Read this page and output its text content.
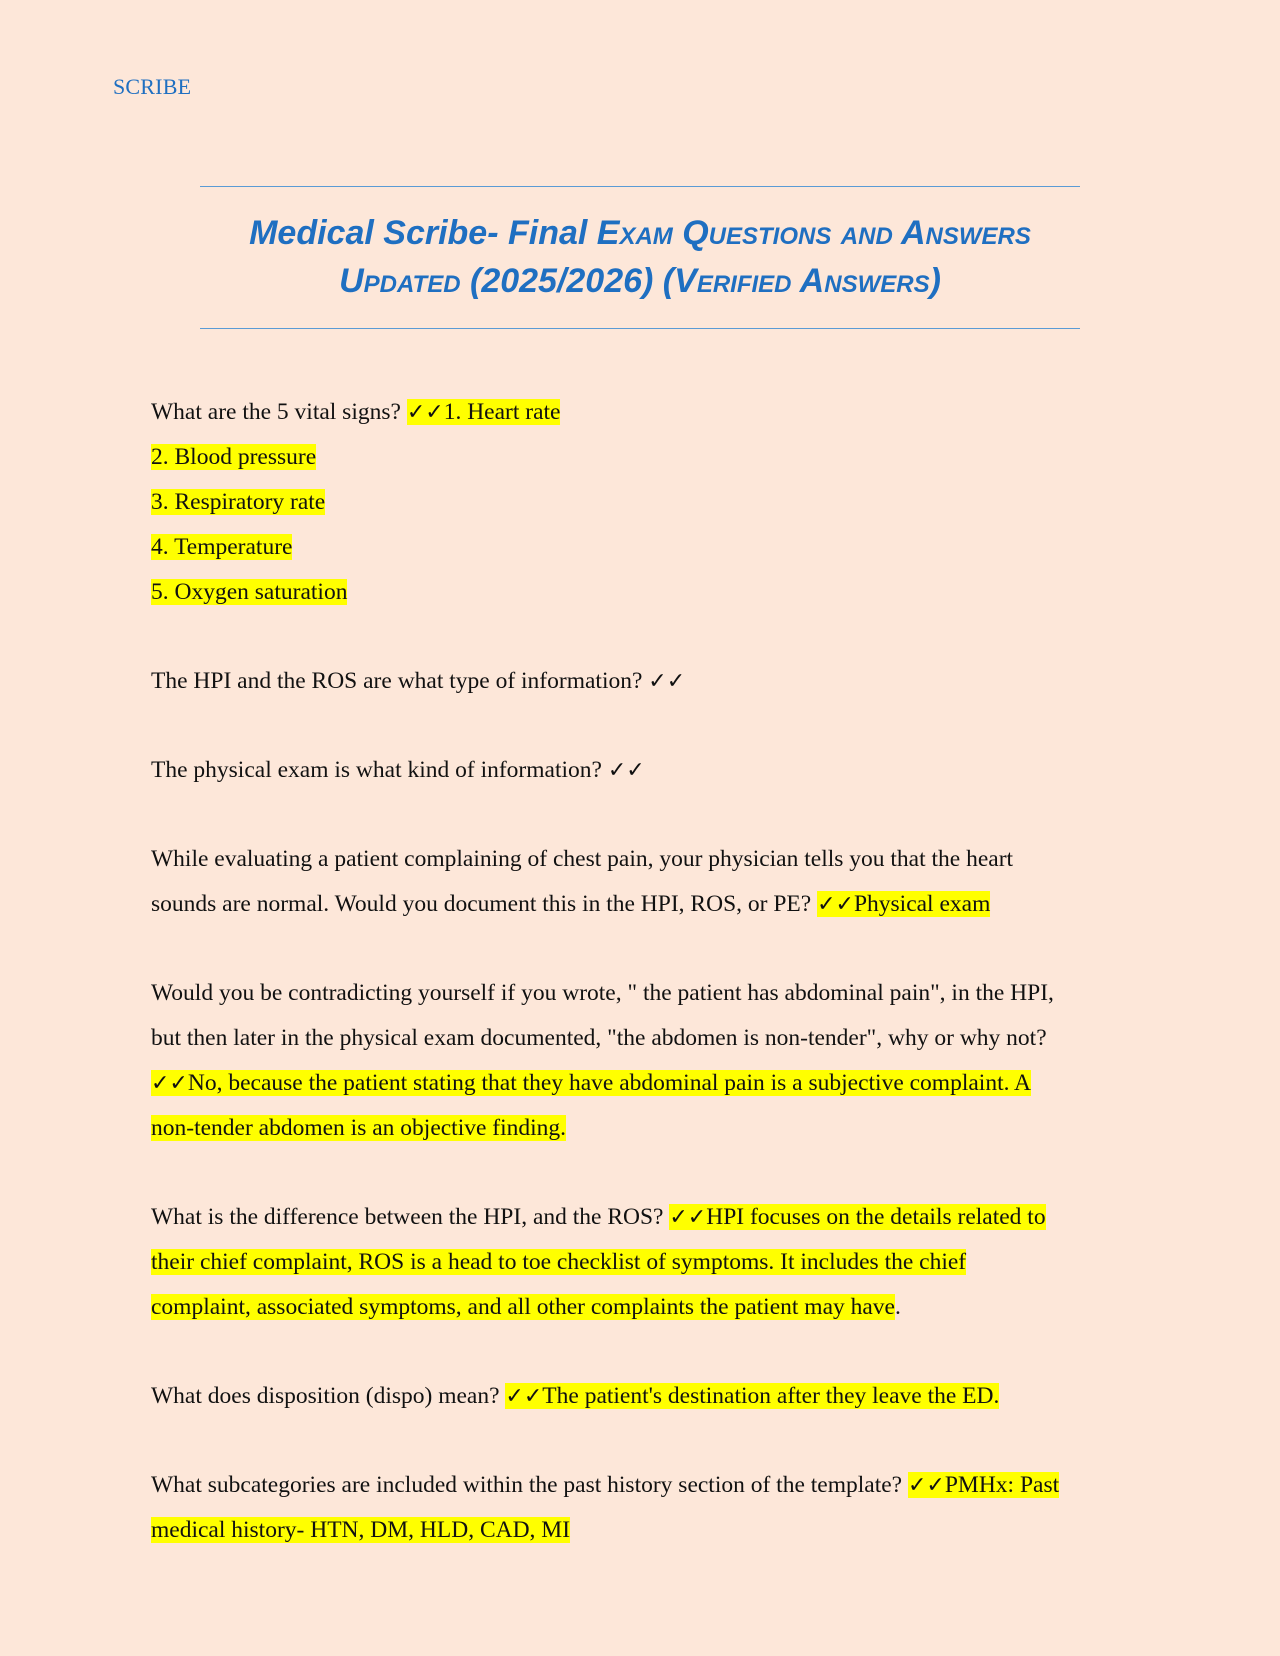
SCRIBE
Medical Scribe- Final Exam Questions and Answers
Updated (2025/2026) (Verified Answers)
What are the 5 vital signs? ✓✓1. Heart rate
2. Blood pressure
3. Respiratory rate
4. Temperature
5. Oxygen saturation
The HPI and the ROS are what type of information? ✓✓
The physical exam is what kind of information? ✓✓
While evaluating a patient complaining of chest pain, your physician tells you that the heart
sounds are normal. Would you document this in the HPI, ROS, or PE? ✓✓Physical exam
Would you be contradicting yourself if you wrote, " the patient has abdominal pain", in the HPI,
but then later in the physical exam documented, "the abdomen is non-tender", why or why not?
✓✓No, because the patient stating that they have abdominal pain is a subjective complaint. A
non-tender abdomen is an objective finding.
What is the difference between the HPI, and the ROS? ✓✓HPI focuses on the details related to
their chief complaint, ROS is a head to toe checklist of symptoms. It includes the chief
complaint, associated symptoms, and all other complaints the patient may have.
What does disposition (dispo) mean? ✓✓The patient's destination after they leave the ED.
What subcategories are included within the past history section of the template? ✓✓PMHx: Past
medical history- HTN, DM, HLD, CAD, MI
